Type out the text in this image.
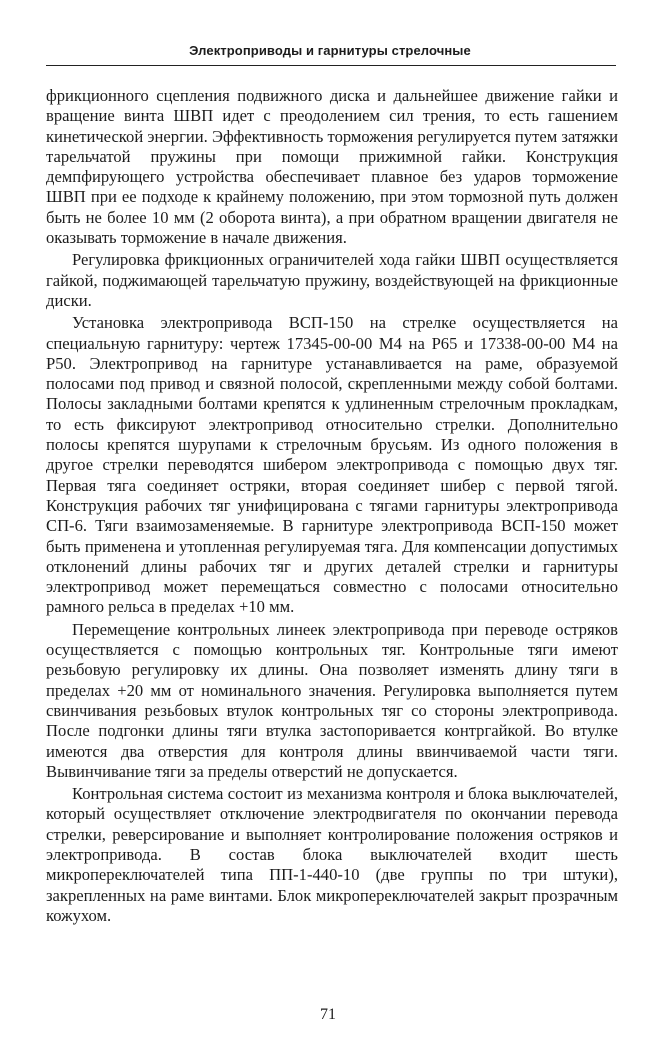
Электроприводы и гарнитуры стрелочные

фрикционного сцепления подвижного диска и дальнейшее движение гайки и вращение винта ШВП идет с преодолением сил трения, то есть гашением кинетической энергии. Эффективность торможения регулируется путем затяжки тарельчатой пружины при помощи прижимной гайки. Конструкция демпфирующего устройства обеспечивает плавное без ударов торможение ШВП при ее подходе к крайнему положению, при этом тормозной путь должен быть не более 10 мм (2 оборота винта), а при обратном вращении двигателя не оказывать торможение в начале движения.

Регулировка фрикционных ограничителей хода гайки ШВП осуществляется гайкой, поджимающей тарельчатую пружину, воздействующей на фрикционные диски.

Установка электропривода ВСП-150 на стрелке осуществляется на специальную гарнитуру: чертеж 17345-00-00 М4 на Р65 и 17338-00-00 М4 на Р50. Электропривод на гарнитуре устанавливается на раме, образуемой полосами под привод и связной полосой, скрепленными между собой болтами. Полосы закладными болтами крепятся к удлиненным стрелочным прокладкам, то есть фиксируют электропривод относительно стрелки. Дополнительно полосы крепятся шурупами к стрелочным брусьям. Из одного положения в другое стрелки переводятся шибером электропривода с помощью двух тяг. Первая тяга соединяет остряки, вторая соединяет шибер с первой тягой. Конструкция рабочих тяг унифицирована с тягами гарнитуры электропривода СП-6. Тяги взаимозаменяемые. В гарнитуре электропривода ВСП-150 может быть применена и утопленная регулируемая тяга. Для компенсации допустимых отклонений длины рабочих тяг и других деталей стрелки и гарнитуры электропривод может перемещаться совместно с полосами относительно рамного рельса в пределах +10 мм.

Перемещение контрольных линеек электропривода при переводе остряков осуществляется с помощью контрольных тяг. Контрольные тяги имеют резьбовую регулировку их длины. Она позволяет изменять длину тяги в пределах +20 мм от номинального значения. Регулировка выполняется путем свинчивания резьбовых втулок контрольных тяг со стороны электропривода. После подгонки длины тяги втулка застопоривается контргайкой. Во втулке имеются два отверстия для контроля длины ввинчиваемой части тяги. Вывинчивание тяги за пределы отверстий не допускается.

Контрольная система состоит из механизма контроля и блока выключателей, который осуществляет отключение электродвигателя по окончании перевода стрелки, реверсирование и выполняет контролирование положения остряков и электропривода. В состав блока выключателей входит шесть микропереключателей типа ПП-1-440-10 (две группы по три штуки), закрепленных на раме винтами. Блок микропереключателей закрыт прозрачным кожухом.

71
